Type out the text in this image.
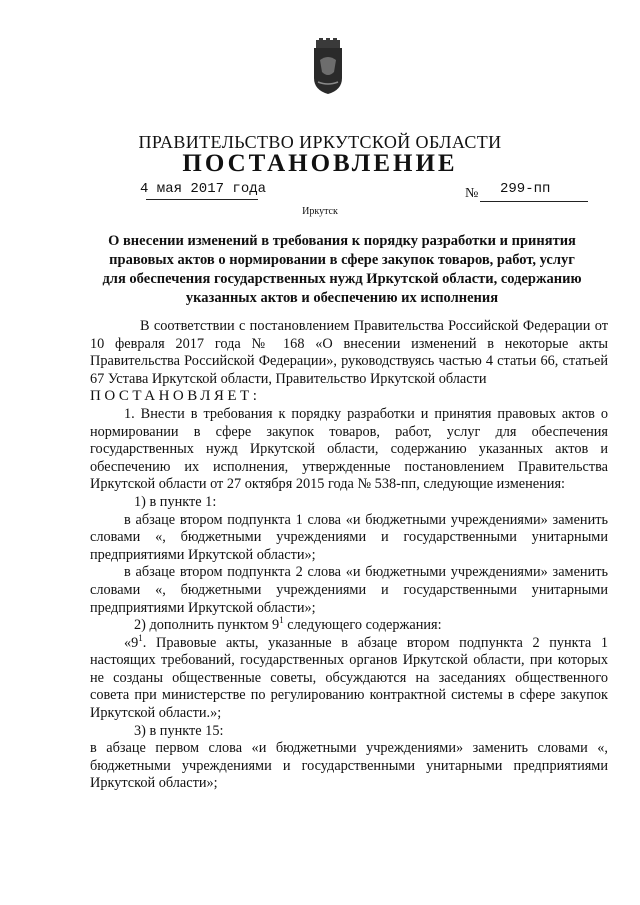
ПРАВИТЕЛЬСТВО ИРКУТСКОЙ ОБЛАСТИ
ПОСТАНОВЛЕНИЕ
4 мая 2017 года	№ 299-пп
Иркутск
О внесении изменений в требования к порядку разработки и принятия правовых актов о нормировании в сфере закупок товаров, работ, услуг для обеспечения государственных нужд Иркутской области, содержанию указанных актов и обеспечению их исполнения

В соответствии с постановлением Правительства Российской Федерации от 10 февраля 2017 года № 168 «О внесении изменений в некоторые акты Правительства Российской Федерации», руководствуясь частью 4 статьи 66, статьей 67 Устава Иркутской области, Правительство Иркутской области

ПОСТАНОВЛЯЕТ:

1. Внести в требования к порядку разработки и принятия правовых актов о нормировании в сфере закупок товаров, работ, услуг для обеспечения государственных нужд Иркутской области, содержанию указанных актов и обеспечению их исполнения, утвержденные постановлением Правительства Иркутской области от 27 октября 2015 года № 538-пп, следующие изменения:

1) в пункте 1:

в абзаце втором подпункта 1 слова «и бюджетными учреждениями» заменить словами «, бюджетными учреждениями и государственными унитарными предприятиями Иркутской области»;

в абзаце втором подпункта 2 слова «и бюджетными учреждениями» заменить словами «, бюджетными учреждениями и государственными унитарными предприятиями Иркутской области»;

2) дополнить пунктом $9^1$ следующего содержания:

«$9^1$. Правовые акты, указанные в абзаце втором подпункта 2 пункта 1 настоящих требований, государственных органов Иркутской области, при которых не созданы общественные советы, обсуждаются на заседаниях общественного совета при министерстве по регулированию контрактной системы в сфере закупок Иркутской области.»;

3) в пункте 15:

в абзаце первом слова «и бюджетными учреждениями» заменить словами «, бюджетными учреждениями и государственными унитарными предприятиями Иркутской области»;
